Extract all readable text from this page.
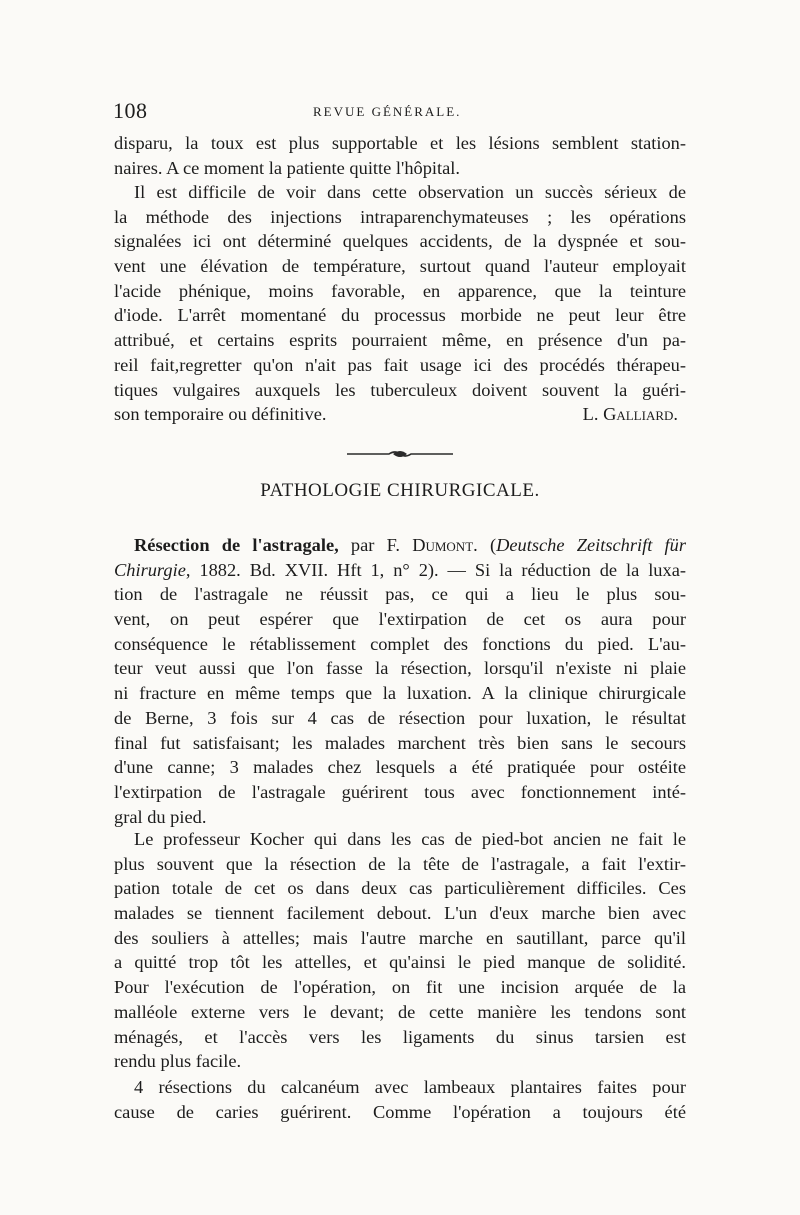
108	REVUE GÉNÉRALE.
disparu, la toux est plus supportable et les lésions semblent station-
naires. A ce moment la patiente quitte l'hôpital.
Il est difficile de voir dans cette observation un succès sérieux de
la méthode des injections intraparenchymateuses ; les opérations
signalées ici ont déterminé quelques accidents, de la dyspnée et sou-
vent une élévation de température, surtout quand l'auteur employait
l'acide phénique, moins favorable, en apparence, que la teinture
d'iode. L'arrêt momentané du processus morbide ne peut leur être
attribué, et certains esprits pourraient même, en présence d'un pa-
reil fait,regretter qu'on n'ait pas fait usage ici des procédés thérapeu-
tiques vulgaires auxquels les tuberculeux doivent souvent la guéri-
son temporaire ou définitive.	L. Galliard.
PATHOLOGIE CHIRURGICALE.
Résection de l'astragale, par F. Dumont. (Deutsche Zeitschrift für
Chirurgie, 1882. Bd. XVII. Hft 1, n° 2). — Si la réduction de la luxa-
tion de l'astragale ne réussit pas, ce qui a lieu le plus sou-
vent, on peut espérer que l'extirpation de cet os aura pour
conséquence le rétablissement complet des fonctions du pied. L'au-
teur veut aussi que l'on fasse la résection, lorsqu'il n'existe ni plaie
ni fracture en même temps que la luxation. A la clinique chirurgicale
de Berne, 3 fois sur 4 cas de résection pour luxation, le résultat
final fut satisfaisant; les malades marchent très bien sans le secours
d'une canne; 3 malades chez lesquels a été pratiquée pour ostéite
l'extirpation de l'astragale guérirent tous avec fonctionnement inté-
gral du pied.
Le professeur Kocher qui dans les cas de pied-bot ancien ne fait le
plus souvent que la résection de la tête de l'astragale, a fait l'extir-
pation totale de cet os dans deux cas particulièrement difficiles. Ces
malades se tiennent facilement debout. L'un d'eux marche bien avec
des souliers à attelles; mais l'autre marche en sautillant, parce qu'il
a quitté trop tôt les attelles, et qu'ainsi le pied manque de solidité.
Pour l'exécution de l'opération, on fit une incision arquée de la
malléole externe vers le devant; de cette manière les tendons sont
ménagés, et l'accès vers les ligaments du sinus tarsien est
rendu plus facile.
4 résections du calcanéum avec lambeaux plantaires faites pour
cause de caries guérirent. Comme l'opération a toujours été
